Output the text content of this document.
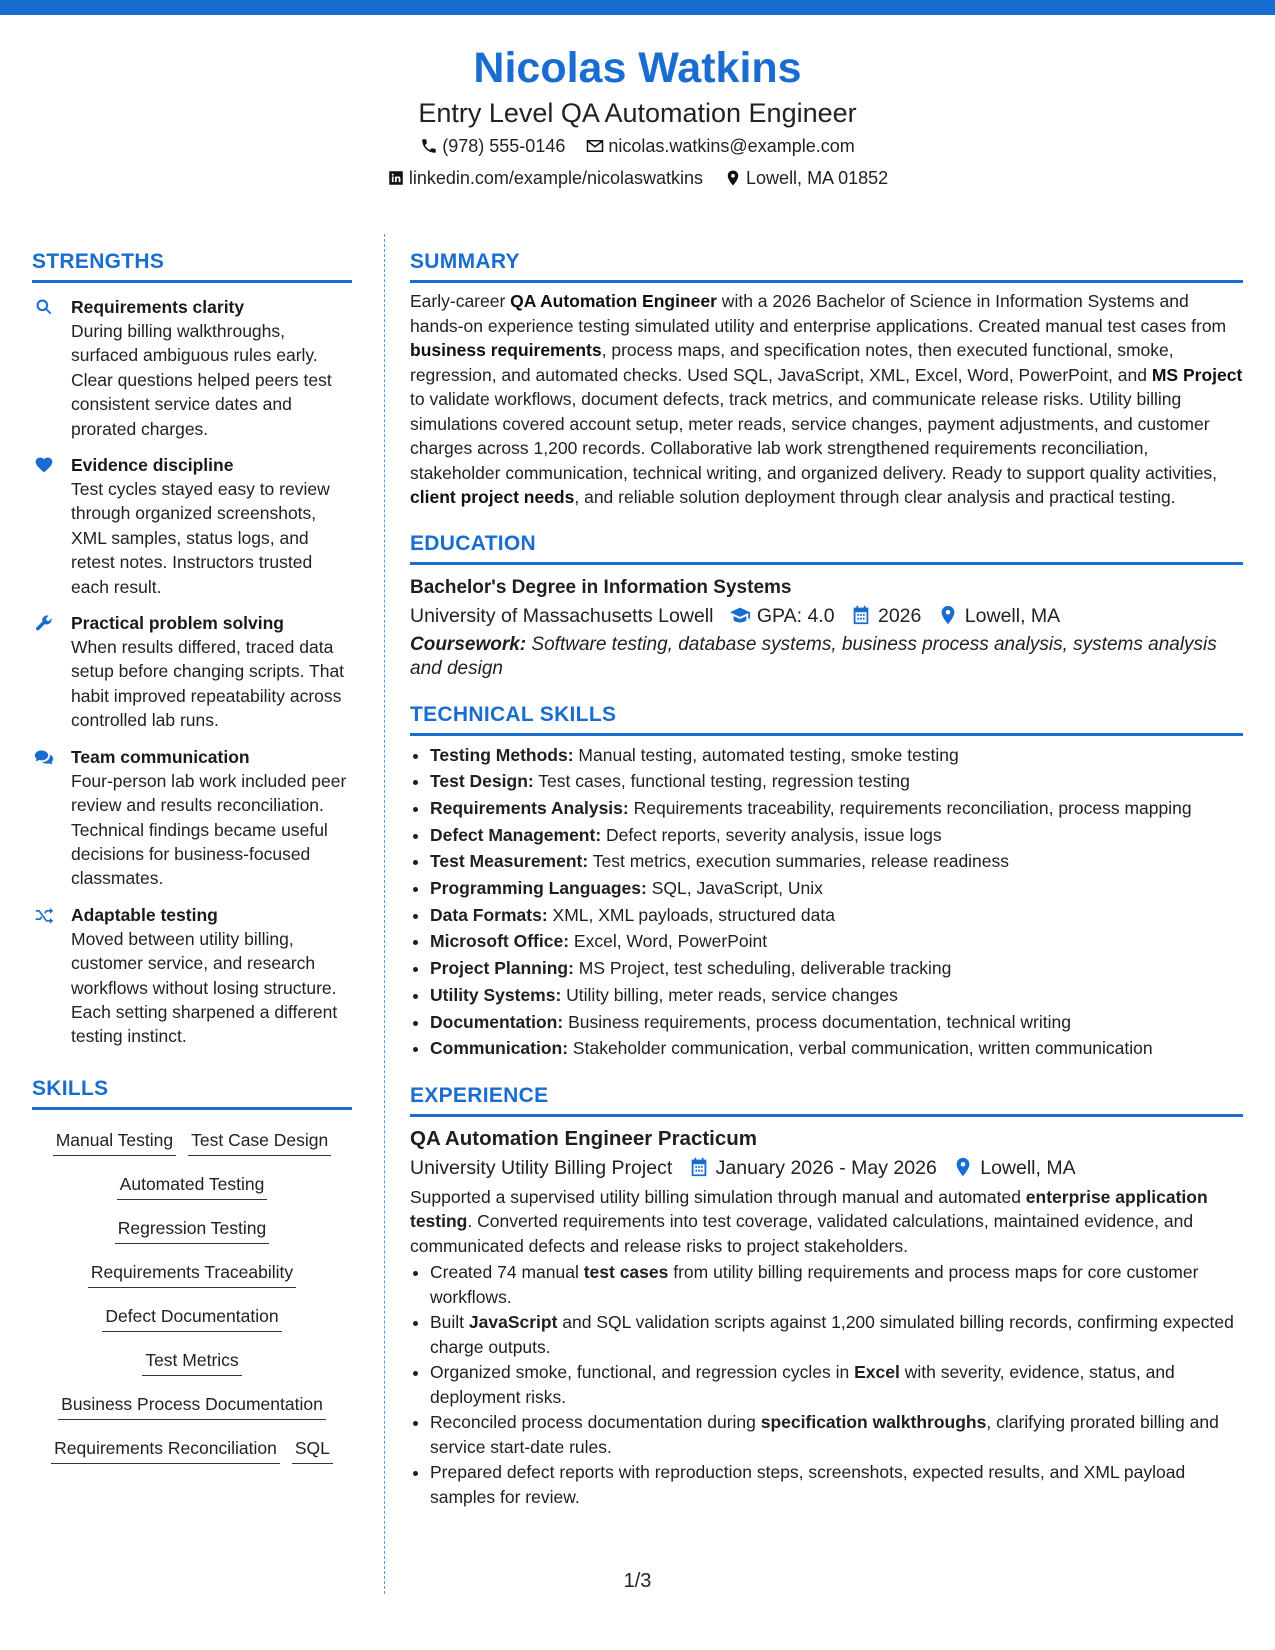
Nicolas Watkins
Entry Level QA Automation Engineer
(978) 555-0146 nicolas.watkins@example.com
linkedin.com/example/nicolaswatkins Lowell, MA 01852
STRENGTHS
Requirements clarity
During billing walkthroughs, surfaced ambiguous rules early. Clear questions helped peers test consistent service dates and prorated charges.
Evidence discipline
Test cycles stayed easy to review through organized screenshots, XML samples, status logs, and retest notes. Instructors trusted each result.
Practical problem solving
When results differed, traced data setup before changing scripts. That habit improved repeatability across controlled lab runs.
Team communication
Four-person lab work included peer review and results reconciliation. Technical findings became useful decisions for business-focused classmates.
Adaptable testing
Moved between utility billing, customer service, and research workflows without losing structure. Each setting sharpened a different testing instinct.
SKILLS
Manual Testing Test Case Design
Automated Testing
Regression Testing
Requirements Traceability
Defect Documentation
Test Metrics
Business Process Documentation
Requirements Reconciliation SQL
SUMMARY
Early-career QA Automation Engineer with a 2026 Bachelor of Science in Information Systems and hands-on experience testing simulated utility and enterprise applications. Created manual test cases from business requirements, process maps, and specification notes, then executed functional, smoke, regression, and automated checks. Used SQL, JavaScript, XML, Excel, Word, PowerPoint, and MS Project to validate workflows, document defects, track metrics, and communicate release risks. Utility billing simulations covered account setup, meter reads, service changes, payment adjustments, and customer charges across 1,200 records. Collaborative lab work strengthened requirements reconciliation, stakeholder communication, technical writing, and organized delivery. Ready to support quality activities, client project needs, and reliable solution deployment through clear analysis and practical testing.
EDUCATION
Bachelor's Degree in Information Systems
University of Massachusetts Lowell GPA: 4.0 2026 Lowell, MA
Coursework: Software testing, database systems, business process analysis, systems analysis and design
TECHNICAL SKILLS
• Testing Methods: Manual testing, automated testing, smoke testing
• Test Design: Test cases, functional testing, regression testing
• Requirements Analysis: Requirements traceability, requirements reconciliation, process mapping
• Defect Management: Defect reports, severity analysis, issue logs
• Test Measurement: Test metrics, execution summaries, release readiness
• Programming Languages: SQL, JavaScript, Unix
• Data Formats: XML, XML payloads, structured data
• Microsoft Office: Excel, Word, PowerPoint
• Project Planning: MS Project, test scheduling, deliverable tracking
• Utility Systems: Utility billing, meter reads, service changes
• Documentation: Business requirements, process documentation, technical writing
• Communication: Stakeholder communication, verbal communication, written communication
EXPERIENCE
QA Automation Engineer Practicum
University Utility Billing Project January 2026 - May 2026 Lowell, MA
Supported a supervised utility billing simulation through manual and automated enterprise application testing. Converted requirements into test coverage, validated calculations, maintained evidence, and communicated defects and release risks to project stakeholders.
• Created 74 manual test cases from utility billing requirements and process maps for core customer workflows.
• Built JavaScript and SQL validation scripts against 1,200 simulated billing records, confirming expected charge outputs.
• Organized smoke, functional, and regression cycles in Excel with severity, evidence, status, and deployment risks.
• Reconciled process documentation during specification walkthroughs, clarifying prorated billing and service start-date rules.
• Prepared defect reports with reproduction steps, screenshots, expected results, and XML payload samples for review.
1/3
